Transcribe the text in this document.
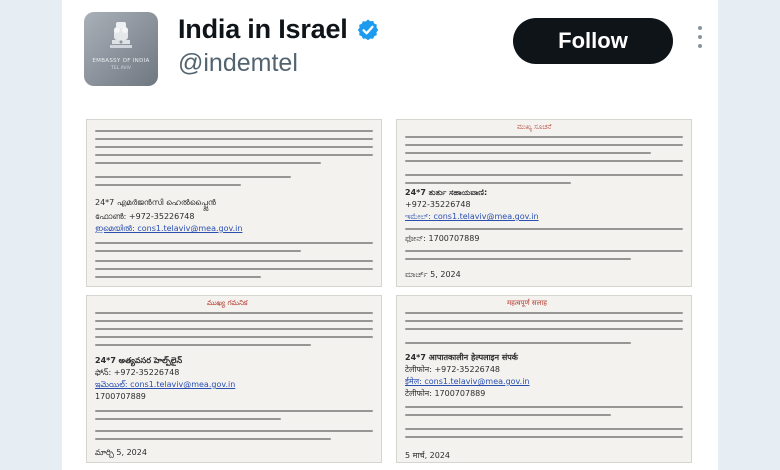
EMBASSY OF INDIA
TEL AVIV
India in Israel
@indemtel
Follow
24*7 എമർജൻസി ഹെൽപ്പ്ലൈൻ
ഫോൺ: +972-35226748
ഇമെയിൽ: cons1.telaviv@mea.gov.in
ಮುಖ್ಯ ಸೂಚನೆ
24*7 ತುರ್ತು ಸಹಾಯವಾಣಿ:
+972-35226748
ಇಮೇಲ್: cons1.telaviv@mea.gov.in
ಫೋನ್: 1700707889
ಮಾರ್ಚ್ 5, 2024
ముఖ్య గమనిక
24*7 అత్యవసర హెల్ప్‌లైన్
ఫోన్: +972-35226748
ఇమెయిల్: cons1.telaviv@mea.gov.in
1700707889
మార్చి 5, 2024
महत्वपूर्ण सलाह
24*7 आपातकालीन हेल्पलाइन संपर्क
टेलीफोन: +972-35226748
ईमेल: cons1.telaviv@mea.gov.in
टेलीफोन: 1700707889
5 मार्च, 2024
